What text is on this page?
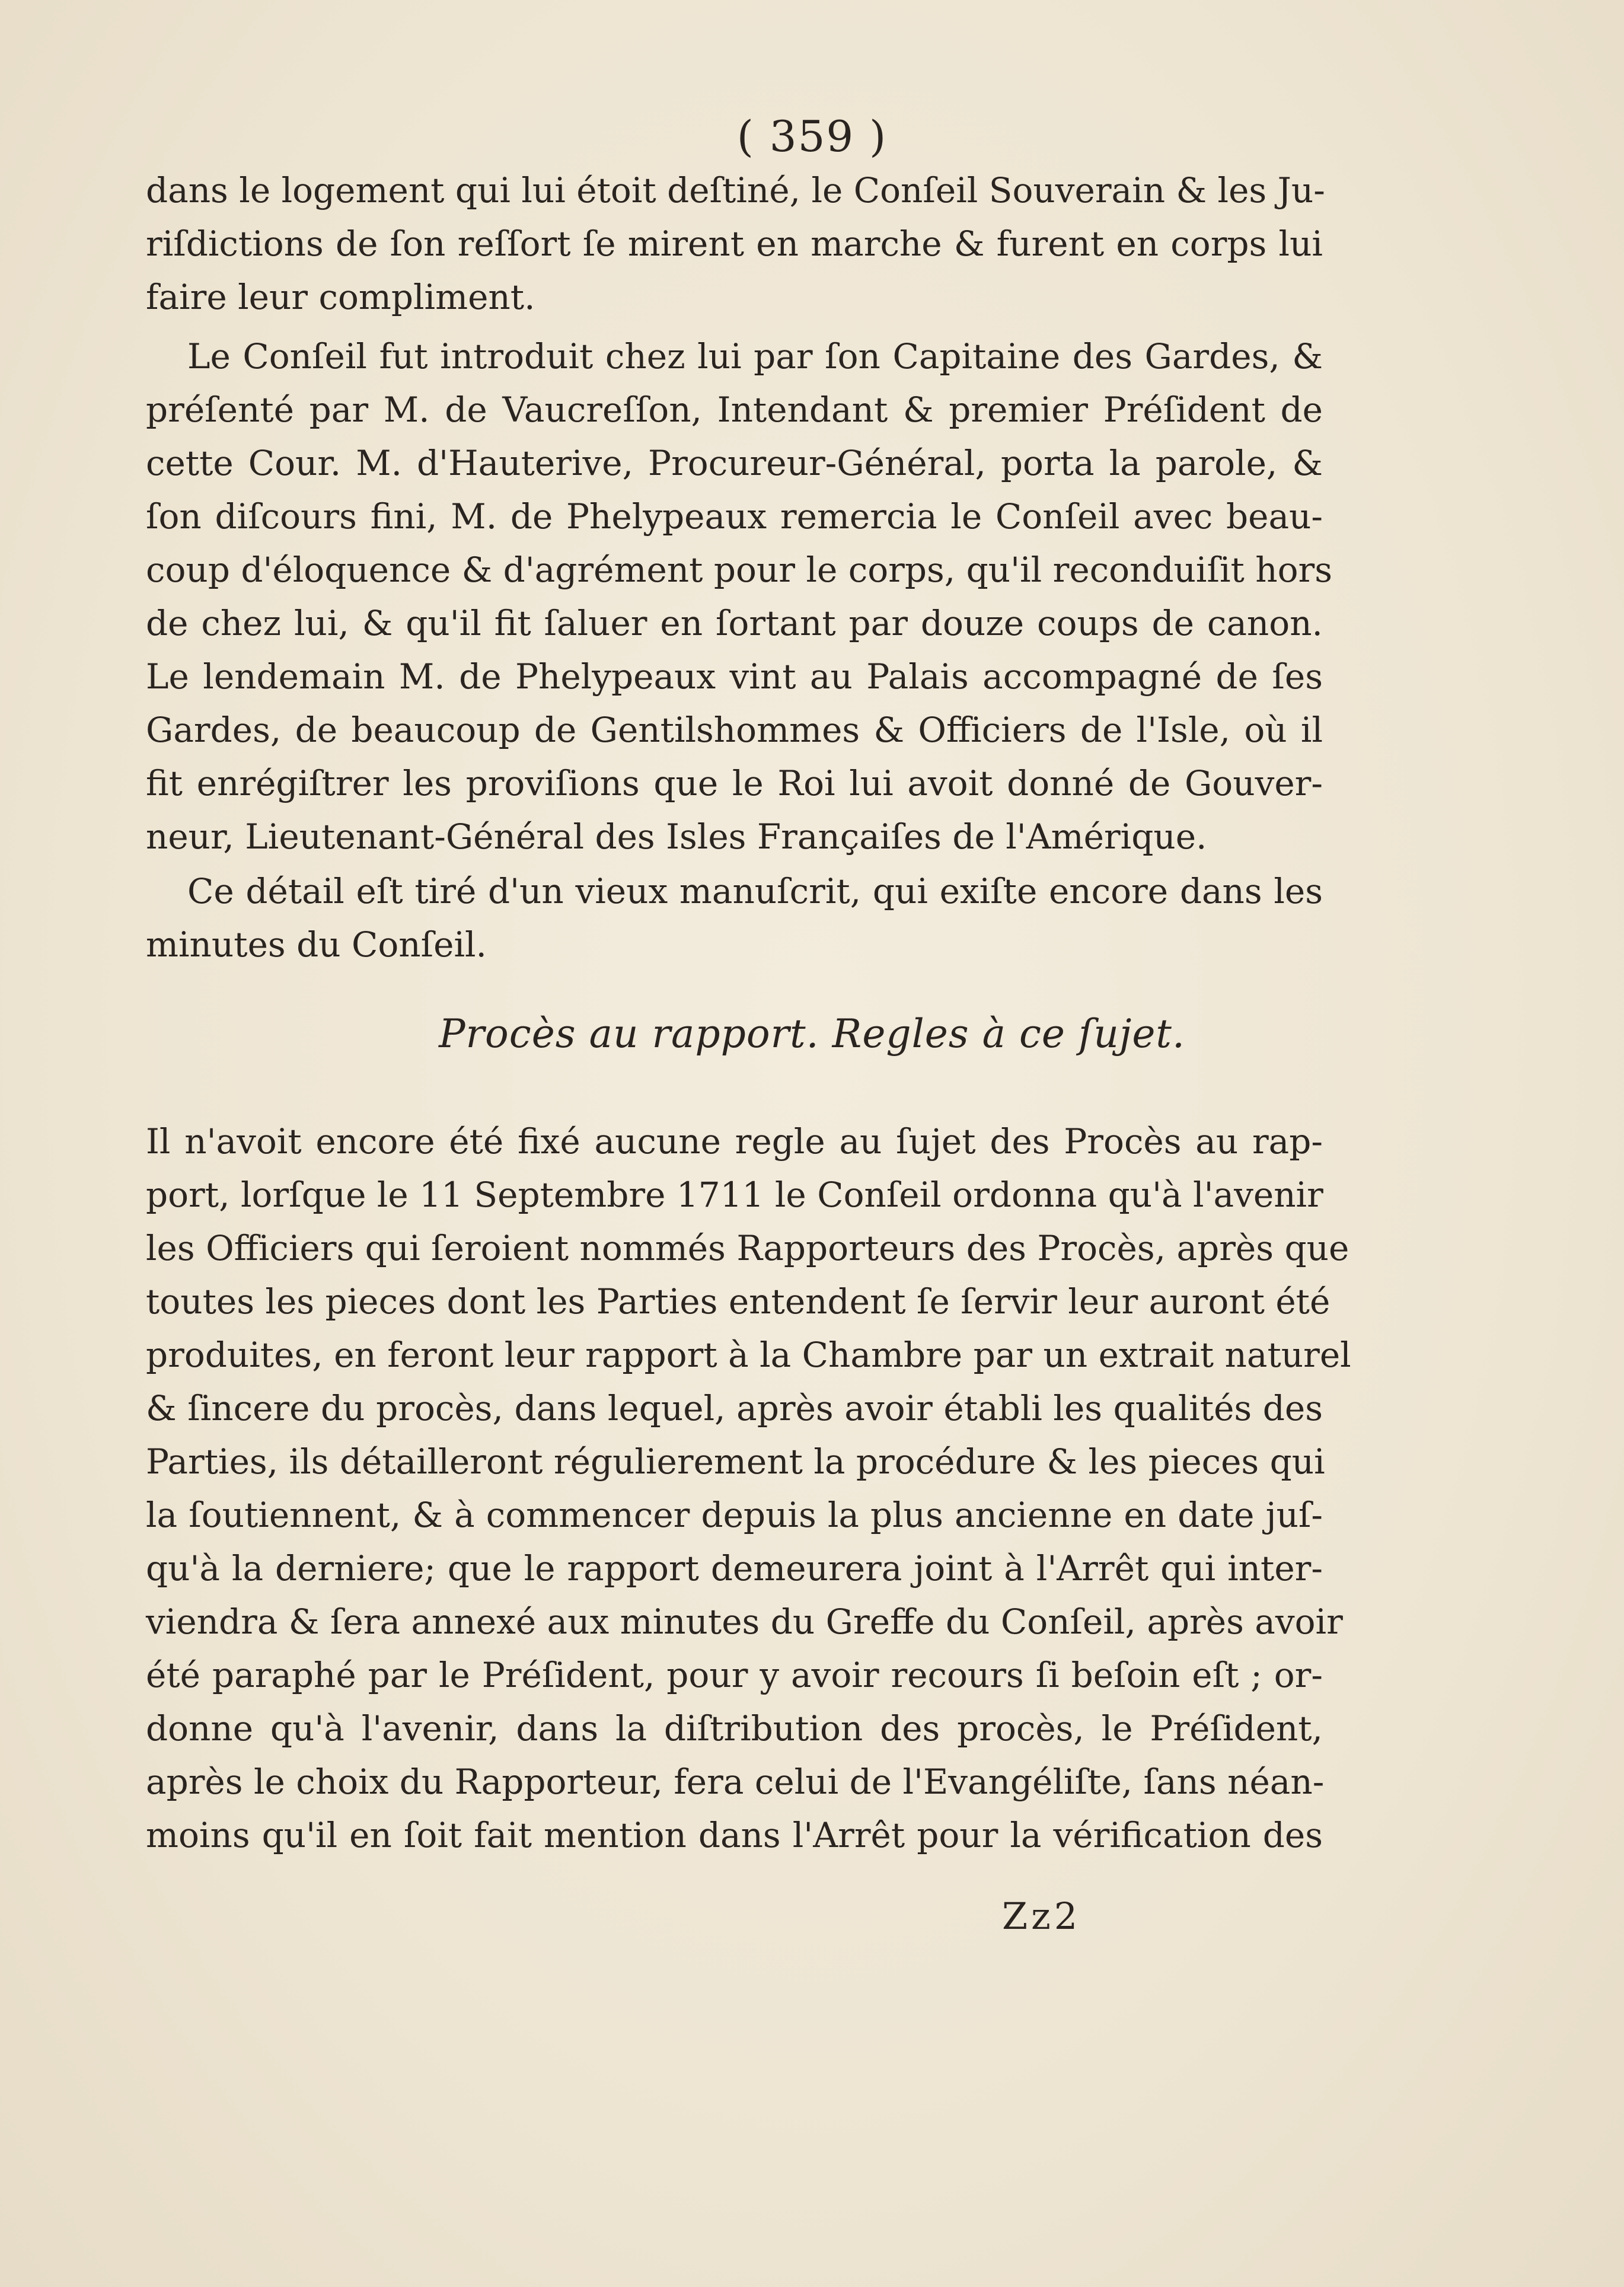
( 359 )

dans le logement qui lui étoit deſtiné, le Conſeil Souverain & les Ju-
riſdictions de ſon reſſort ſe mirent en marche & furent en corps lui
faire leur compliment.

Le Conſeil fut introduit chez lui par ſon Capitaine des Gardes, &
préſenté par M. de Vaucreſſon, Intendant & premier Préſident de
cette Cour. M. d'Hauterive, Procureur-Général, porta la parole, &
ſon diſcours fini, M. de Phelypeaux remercia le Conſeil avec beau-
coup d'éloquence & d'agrément pour le corps, qu'il reconduiſit hors
de chez lui, & qu'il fit ſaluer en ſortant par douze coups de canon.
Le lendemain M. de Phelypeaux vint au Palais accompagné de ſes
Gardes, de beaucoup de Gentilshommes & Officiers de l'Isle, où il
fit enrégiſtrer les proviſions que le Roi lui avoit donné de Gouver-
neur, Lieutenant-Général des Isles Françaiſes de l'Amérique.

Ce détail eſt tiré d'un vieux manuſcrit, qui exiſte encore dans les
minutes du Conſeil.

Procès au rapport. Regles à ce ſujet.

Il n'avoit encore été fixé aucune regle au ſujet des Procès au rap-
port, lorſque le 11 Septembre 1711 le Conſeil ordonna qu'à l'avenir
les Officiers qui ſeroient nommés Rapporteurs des Procès, après que
toutes les pieces dont les Parties entendent ſe ſervir leur auront été
produites, en feront leur rapport à la Chambre par un extrait naturel
& ſincere du procès, dans lequel, après avoir établi les qualités des
Parties, ils détailleront régulierement la procédure & les pieces qui
la ſoutiennent, & à commencer depuis la plus ancienne en date juſ-
qu'à la derniere; que le rapport demeurera joint à l'Arrêt qui inter-
viendra & ſera annexé aux minutes du Greffe du Conſeil, après avoir
été paraphé par le Préſident, pour y avoir recours ſi beſoin eſt ; or-
donne qu'à l'avenir, dans la diſtribution des procès, le Préſident,
après le choix du Rapporteur, fera celui de l'Evangéliſte, ſans néan-
moins qu'il en ſoit fait mention dans l'Arrêt pour la vérification des

Zz2
